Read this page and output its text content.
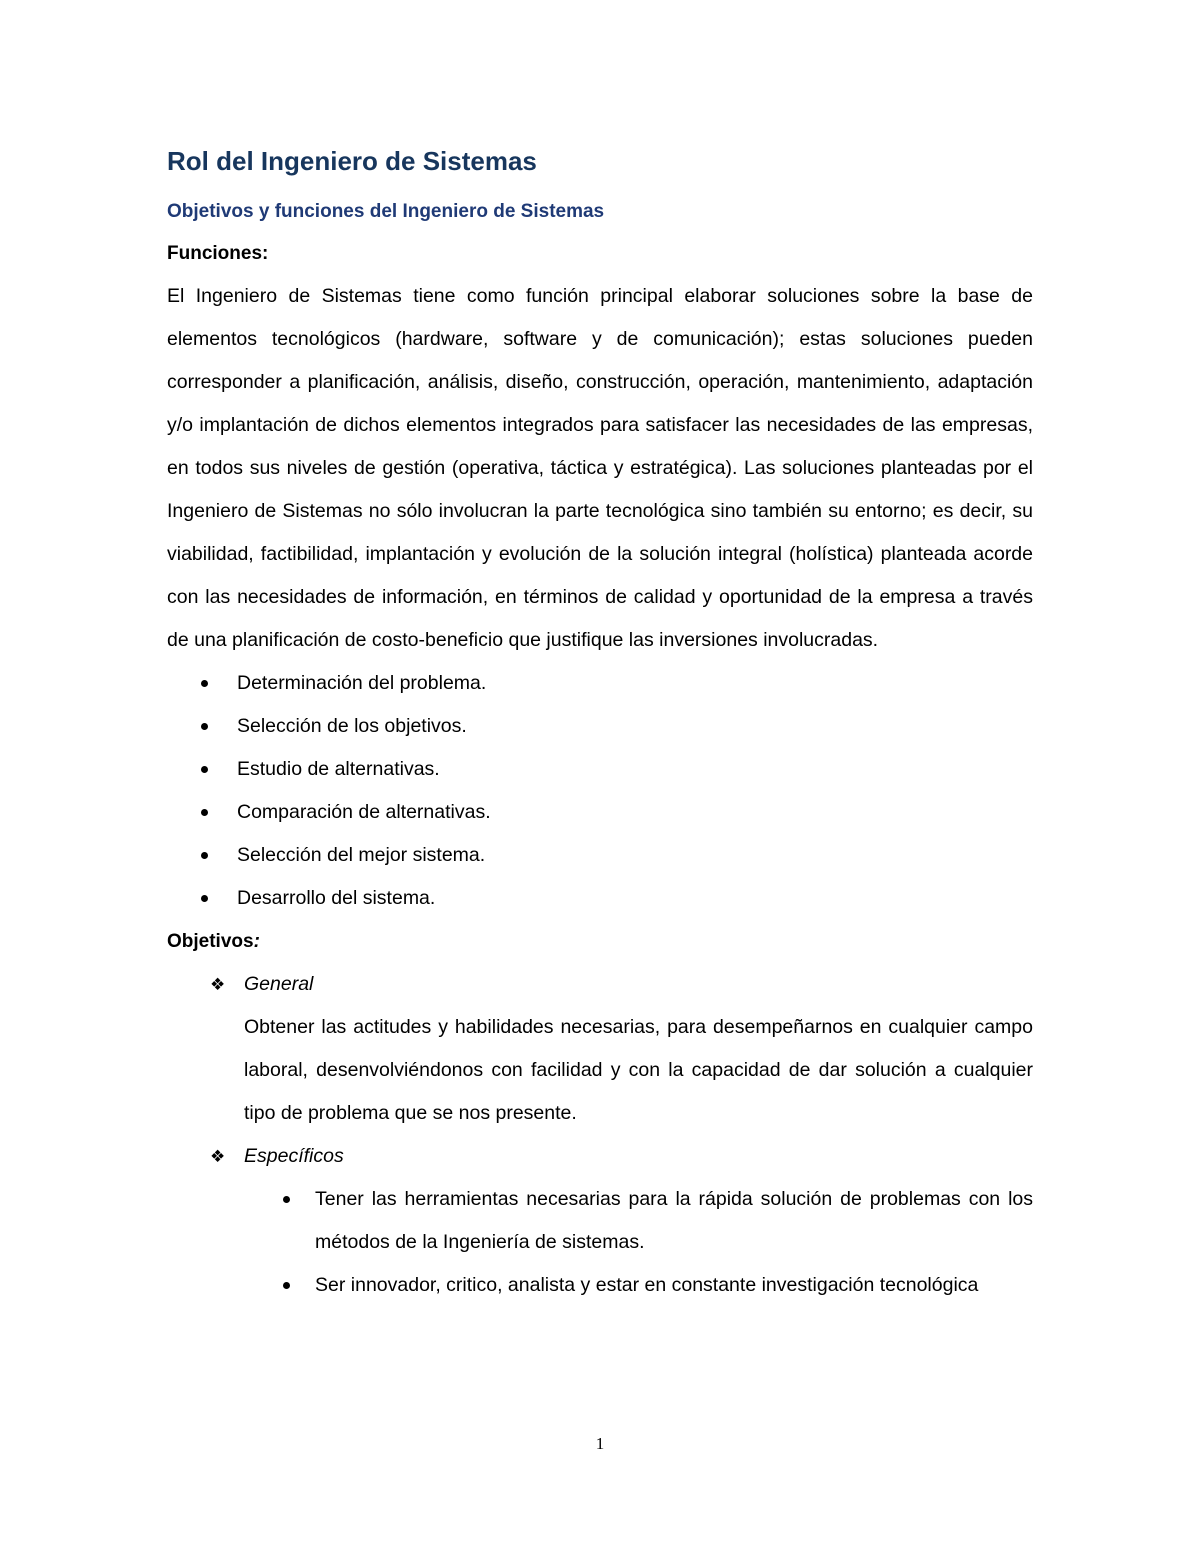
Rol del Ingeniero de Sistemas
Objetivos y funciones del Ingeniero de Sistemas
Funciones:

El Ingeniero de Sistemas tiene como función principal elaborar soluciones sobre la base de elementos tecnológicos (hardware, software y de comunicación); estas soluciones pueden corresponder a planificación, análisis, diseño, construcción, operación, mantenimiento, adaptación y/o implantación de dichos elementos integrados para satisfacer las necesidades de las empresas, en todos sus niveles de gestión (operativa, táctica y estratégica). Las soluciones planteadas por el Ingeniero de Sistemas no sólo involucran la parte tecnológica sino también su entorno; es decir, su viabilidad, factibilidad, implantación y evolución de la solución integral (holística) planteada acorde con las necesidades de información, en términos de calidad y oportunidad de la empresa a través de una planificación de costo-beneficio que justifique las inversiones involucradas.

Determinación del problema.
Selección de los objetivos.
Estudio de alternativas.
Comparación de alternativas.
Selección del mejor sistema.
Desarrollo del sistema.
Objetivos:
❖ General

Obtener las actitudes y habilidades necesarias, para desempeñarnos en cualquier campo laboral, desenvolviéndonos con facilidad y con la capacidad de dar solución a cualquier tipo de problema que se nos presente.

❖ Específicos
Tener las herramientas necesarias para la rápida solución de problemas con los métodos de la Ingeniería de sistemas.
Ser innovador, critico, analista y estar en constante investigación tecnológica
1
